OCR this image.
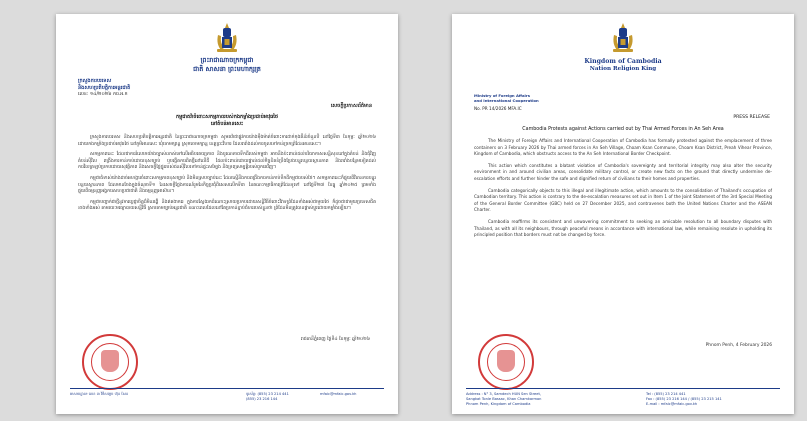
ព្រះរាជាណាចក្រកម្ពុជា
ជាតិ សាសនា ព្រះមហាក្សត្រ
ក្រសួងការបរទេស
និងសហប្រតិបត្តិការអន្តរជាតិ
លេខ: ១៤/២០២៦ ការ.អ.ក
សេចក្តីប្រកាសព័ត៌មាន
កម្ពុជាតវ៉ាចំពោះសកម្មភាពរបស់កងកម្លាំងប្រដាប់អាវុធថៃ
នៅតំបន់អានសេះ

ក្រសួងការបរទេស និងសហប្រតិបត្តិការអន្តរជាតិ នៃព្រះរាជាណាចក្រកម្ពុជា សូមតវ៉ាជាផ្លូវការយ៉ាងម៉ឺងម៉ាត់ចំពោះការដាក់កុងតឺន័រចំនួនបី នៅថ្ងៃទី៣ ខែកុម្ភៈ ឆ្នាំ២០២៦ ដោយកងកម្លាំងប្រដាប់អាវុធថៃ នៅភូមិអានសេះ ឃុំចោមក្សាន្ត ស្រុកចោមក្សាន្ត ខេត្តព្រះវិហារ ដែលរារាំងដល់ការចូលទៅកាន់ច្រកព្រំដែនអានសេះ។

សកម្មភាពនេះ ដែលជាការរំលោភយ៉ាងច្បាស់លាស់ទៅលើអធិបតេយ្យភាព និងបូរណភាពទឹកដីរបស់កម្ពុជា អាចនឹងប៉ះពាល់ដល់បរិយាកាសសន្តិសុខនៅក្នុងតំបន់ និងជុំវិញតំបន់ស៊ីវិល ពង្រឹងការកាន់កាប់ដោយខុសច្បាប់ ឬបង្កើតការពិតថ្មីនៅលើដី ដែលប៉ះពាល់ដោយផ្ទាល់ដល់កិច្ចខិតខំប្រឹងប្រែងបន្ធូរបន្ថយស្ថានភាព និងរារាំងបន្ថែមទៀតដល់ការវិលត្រឡប់ប្រកបដោយសុវត្ថិភាព និងសេចក្តីថ្លៃថ្នូររបស់ជនស៊ីវិលទៅកាន់ផ្ទះសម្បែង និងទ្រព្យសម្បត្តិរបស់ពួកគេវិញ។

កម្ពុជាជំទាស់យ៉ាងដាច់អហង្ការចំពោះសកម្មភាពខុសច្បាប់ និងមិនស្របច្បាប់នេះ ដែលស្មើនឹងការពង្រឹងការកាន់កាប់ទឹកដីកម្ពុជារបស់ថៃ។ សកម្មភាពនេះក៏ផ្ទុយពីវិធានការបន្ធូរបន្ថយស្ថានភាព ដែលមានចែងក្នុងចំណុចទី១ នៃសេចក្តីថ្លែងការណ៍រួមនៃកិច្ចប្រជុំពិសេសលើកទី៣ នៃគណៈកម្មាធិការព្រំដែនទូទៅ នៅថ្ងៃទី២៧ ខែធ្នូ ឆ្នាំ២០២៥ ព្រមទាំងផ្ទុយពីធម្មនុញ្ញអង្គការសហប្រជាជាតិ និងធម្មនុញ្ញអាស៊ាន។

កម្ពុជាបញ្ជាក់ជាថ្មីនូវការប្តេជ្ញាចិត្តដ៏មិនរង្គើ និងឥតងាករេ ក្នុងការស្វែងរកដំណោះស្រាយប្រកបដោយសន្តិវិធីចំពោះវិវាទព្រំដែនទាំងអស់ជាមួយថៃ ក៏ដូចជាជាមួយប្រទេសជិតខាងទាំងអស់ តាមរយៈមធ្យោបាយសន្តិវិធី ស្របតាមច្បាប់អន្តរជាតិ ខណៈពេលដែលនៅតែប្រកាន់ខ្ជាប់ជំហររបស់ខ្លួនថា ព្រំដែនមិនត្រូវបានផ្លាស់ប្តូរដោយកម្លាំងឡើយ។

រាជធានីភ្នំពេញ ថ្ងៃទី៤ ខែកុម្ភៈ ឆ្នាំ២០២៦
អាសយដ្ឋាន៖ លេខ ៣ វិថីសម្តេច ហ៊ុន សែន	ទូរស័ព្ទ: (855) 23 214 441
(855) 23 216 144
mfaic@mfaic.gov.kh
Kingdom of Cambodia
Nation Religion King
Ministry of Foreign Affairs
and International Cooperation
No. PR 14/2026 MFA.IC
PRESS RELEASE
Cambodia Protests against Actions carried out by Thai Armed Forces in An Seh Area

The Ministry of Foreign Affairs and International Cooperation of Cambodia has formally protested against the emplacement of three containers on 3 February 2026 by Thai armed forces in An Seh Village, Choam Ksan Commune, Choam Ksan District, Preah Vihear Province, Kingdom of Cambodia, which obstructs access to the An Seh International Border Checkpoint.

This action which constitutes a blatant violation of Cambodia's sovereignty and territorial integrity may also alter the security environment in and around civilian areas, consolidate military control, or create new facts on the ground that directly undermine de-escalation efforts and further hinder the safe and dignified return of civilians to their homes and properties.

Cambodia categorically objects to this illegal and illegitimate action, which amounts to the consolidation of Thailand's occupation of Cambodian territory. This action is contrary to the de-escalation measures set out in Item 1 of the Joint Statement of the 3rd Special Meeting of the General Border Committee (GBC) held on 27 December 2025, and contravenes both the United Nations Charter and the ASEAN Charter.

Cambodia reaffirms its consistent and unwavering commitment to seeking an amicable resolution to all boundary disputes with Thailand, as with all its neighbours, through peaceful means in accordance with international law, while remaining resolute in upholding its principled position that borders must not be changed by force.

Phnom Penh, 4 February 2026
Address : N° 3, Samdech HUN Sen Street,
Sangkat Tonle Bassac, Khan Chamkarmon
Phnom Penh, Kingdom of Cambodia
Tel : (855) 23 214 441
Fax : (855) 23 216 144 / (855) 23 215 141
E-mail : mfaic@mfaic.gov.kh
